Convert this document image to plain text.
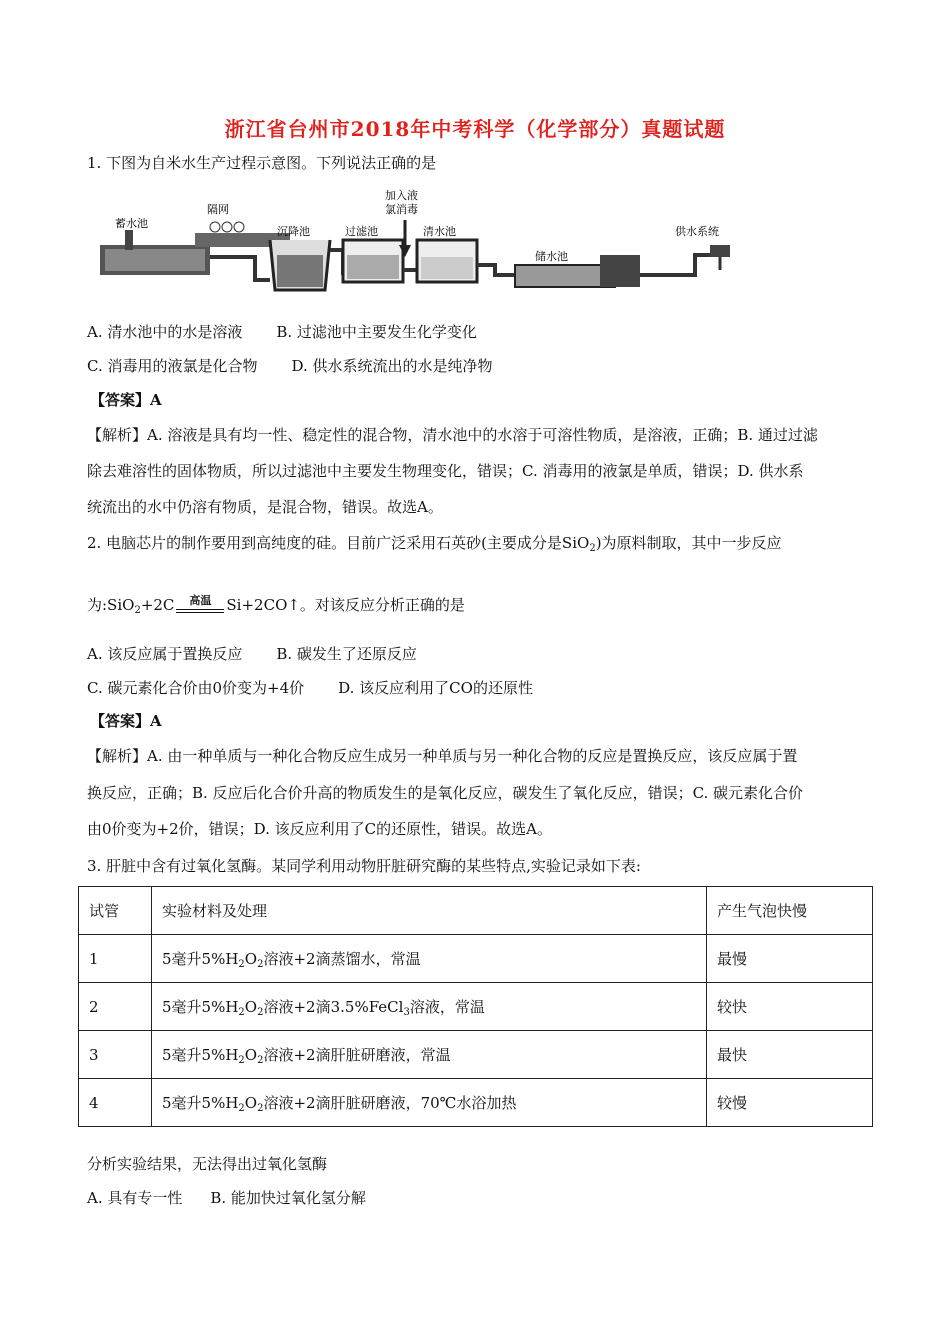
浙江省台州市2018年中考科学（化学部分）真题试题
1. 下图为自米水生产过程示意图。下列说法正确的是
蓄水池
隔网
沉降池	过滤池
加入液
氯消毒
清水池
储水池
供水系统
A. 清水池中的水是溶液 B. 过滤池中主要发生化学变化
C. 消毒用的液氯是化合物 D. 供水系统流出的水是纯净物
【答案】A
【解析】A. 溶液是具有均一性、稳定性的混合物，清水池中的水溶于可溶性物质，是溶液，正确；B. 通过过滤
除去难溶性的固体物质，所以过滤池中主要发生物理变化，错误；C. 消毒用的液氯是单质，错误；D. 供水系
统流出的水中仍溶有物质，是混合物，错误。故选A。
2. 电脑芯片的制作要用到高纯度的硅。目前广泛采用石英砂(主要成分是SiO$_2$)为原料制取，其中一步反应
为:SiO$_2$+2C	高温	Si+2CO↑。对该反应分析正确的是
A. 该反应属于置换反应 B. 碳发生了还原反应
C. 碳元素化合价由0价变为+4价 D. 该反应利用了CO的还原性
【答案】A
【解析】A. 由一种单质与一种化合物反应生成另一种单质与另一种化合物的反应是置换反应，该反应属于置
换反应，正确；B. 反应后化合价升高的物质发生的是氧化反应，碳发生了氧化反应，错误；C. 碳元素化合价
由0价变为+2价，错误；D. 该反应利用了C的还原性，错误。故选A。
3. 肝脏中含有过氧化氢酶。某同学利用动物肝脏研究酶的某些特点,实验记录如下表:
试管	实验材料及处理	产生气泡快慢
1	5毫升$5\%H_2O_2$溶液+2滴蒸馏水，常温	最慢
2	5毫升$5\%H_2O_2$溶液+2滴3.5%FeCl$_3$溶液，常温	较快
3	5毫升$5\%H_2O_2$溶液+2滴肝脏研磨液，常温	最快
4	5毫升$5\%H_2O_2$溶液+2滴肝脏研磨液，70℃水浴加热	较慢
分析实验结果，无法得出过氧化氢酶
A. 具有专一性 B. 能加快过氧化氢分解
